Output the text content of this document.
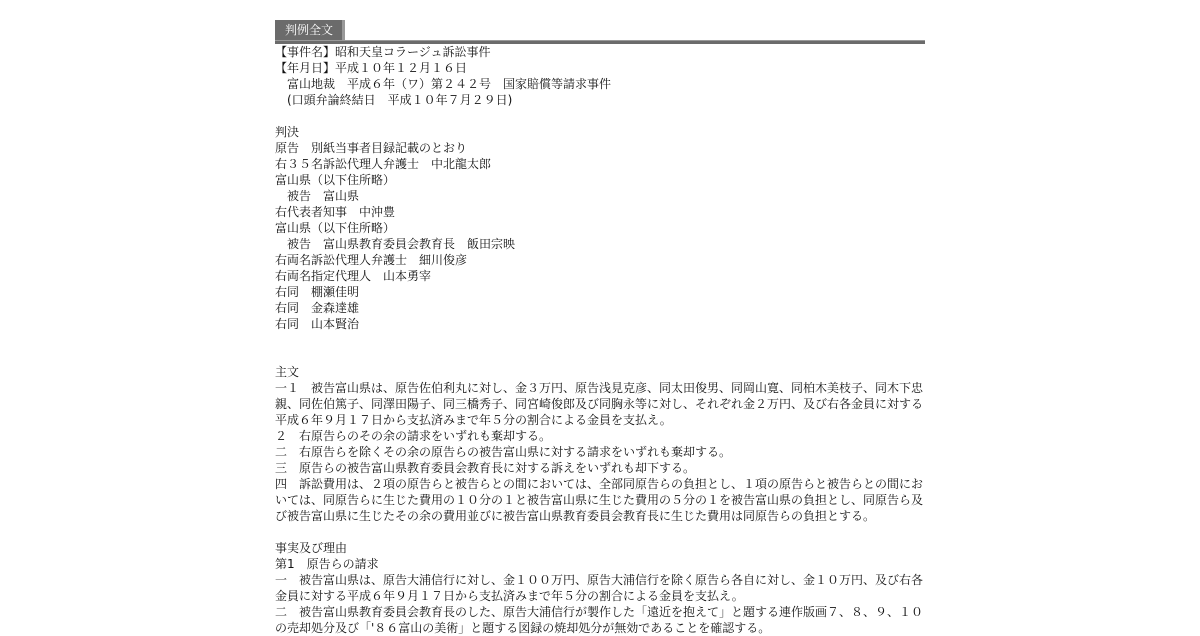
判例全文
【事件名】昭和天皇コラージュ訴訟事件
【年月日】平成１０年１２月１６日
　富山地裁　平成６年（ワ）第２４２号　国家賠償等請求事件
　(口頭弁論終結日　平成１０年７月２９日)
判決
原告　別紙当事者目録記載のとおり
右３５名訴訟代理人弁護士　中北龍太郎
富山県（以下住所略）
　被告　富山県
右代表者知事　中沖豊
富山県（以下住所略）
　被告　富山県教育委員会教育長　飯田宗映
右両名訴訟代理人弁護士　細川俊彦
右両名指定代理人　山本勇宰
右同　棚瀬佳明
右同　金森達雄
右同　山本賢治
主文
一１　被告富山県は、原告佐伯利丸に対し、金３万円、原告浅見克彦、同太田俊男、同岡山寛、同柏木美枝子、同木下忠
親、同佐伯篤子、同澤田陽子、同三橋秀子、同宮崎俊郎及び同胸永等に対し、それぞれ金２万円、及び右各金員に対する
平成６年９月１７日から支払済みまで年５分の割合による金員を支払え。
２　右原告らのその余の請求をいずれも棄却する。
二　右原告らを除くその余の原告らの被告富山県に対する請求をいずれも棄却する。
三　原告らの被告富山県教育委員会教育長に対する訴えをいずれも却下する。
四　訴訟費用は、２項の原告らと被告らとの間においては、全部同原告らの負担とし、１項の原告らと被告らとの間にお
いては、同原告らに生じた費用の１０分の１と被告富山県に生じた費用の５分の１を被告富山県の負担とし、同原告ら及
び被告富山県に生じたその余の費用並びに被告富山県教育委員会教育長に生じた費用は同原告らの負担とする。
事実及び理由
第1　原告らの請求
一　被告富山県は、原告大浦信行に対し、金１００万円、原告大浦信行を除く原告ら各自に対し、金１０万円、及び右各
金員に対する平成６年９月１７日から支払済みまで年５分の割合による金員を支払え。
二　被告富山県教育委員会教育長のした、原告大浦信行が製作した「遠近を抱えて」と題する連作版画７、８、９、１０
の売却処分及び「'８６富山の美術」と題する図録の焼却処分が無効であることを確認する。
